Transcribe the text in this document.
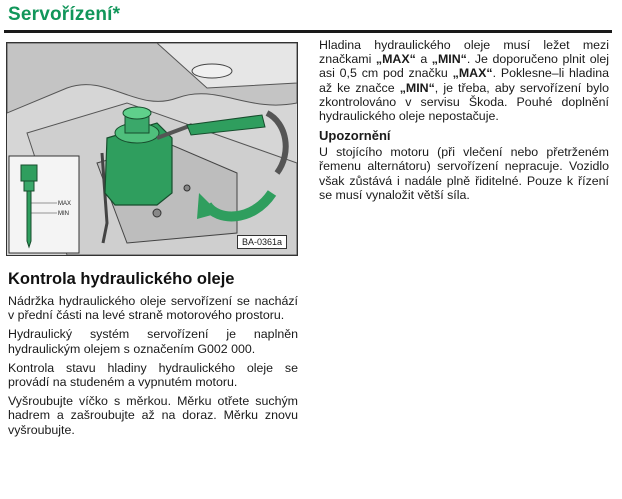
Servořízení*
MAX
MIN
BA-0361a
Kontrola hydraulického oleje

Nádržka hydraulického oleje servořízení se nachází v přední části na levé straně motorového prostoru.

Hydraulický systém servořízení je naplněn hydraulickým olejem s označením G002 000.

Kontrola stavu hladiny hydraulického oleje se provádí na studeném a vypnutém motoru.

Vyšroubujte víčko s měrkou. Měrku otřete suchým hadrem a zašroubujte až na doraz. Měrku znovu vyšroubujte.

Hladina hydraulického oleje musí ležet mezi značkami „MAX“ a „MIN“. Je doporučeno plnit olej asi 0,5 cm pod značku „MAX“. Poklesne–li hladina až ke značce „MIN“, je třeba, aby servořízení bylo zkontrolováno v servisu Škoda. Pouhé doplnění hydraulického oleje nepostačuje.

Upozornění

U stojícího motoru (při vlečení nebo přetrženém řemenu alternátoru) servořízení nepracuje. Vozidlo však zůstává i nadále plně řiditelné. Pouze k řízení se musí vynaložit větší síla.
